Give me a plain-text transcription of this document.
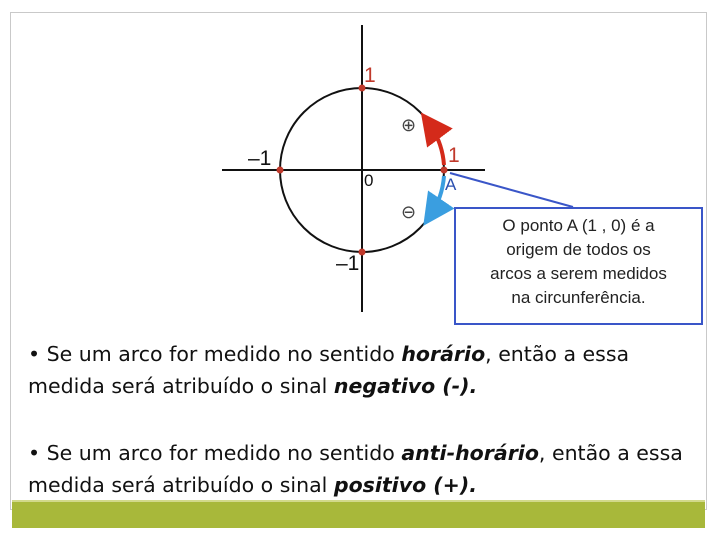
1
–1	1
–1
0	A
⊕
⊖
O ponto A (1 , 0) é a
origem de todos os
arcos a serem medidos
na circunferência.
• Se um arco for medido no sentido horário, então a essa medida será atribuído o sinal negativo (-).
• Se um arco for medido no sentido anti-horário, então a essa medida será atribuído o sinal positivo (+).
